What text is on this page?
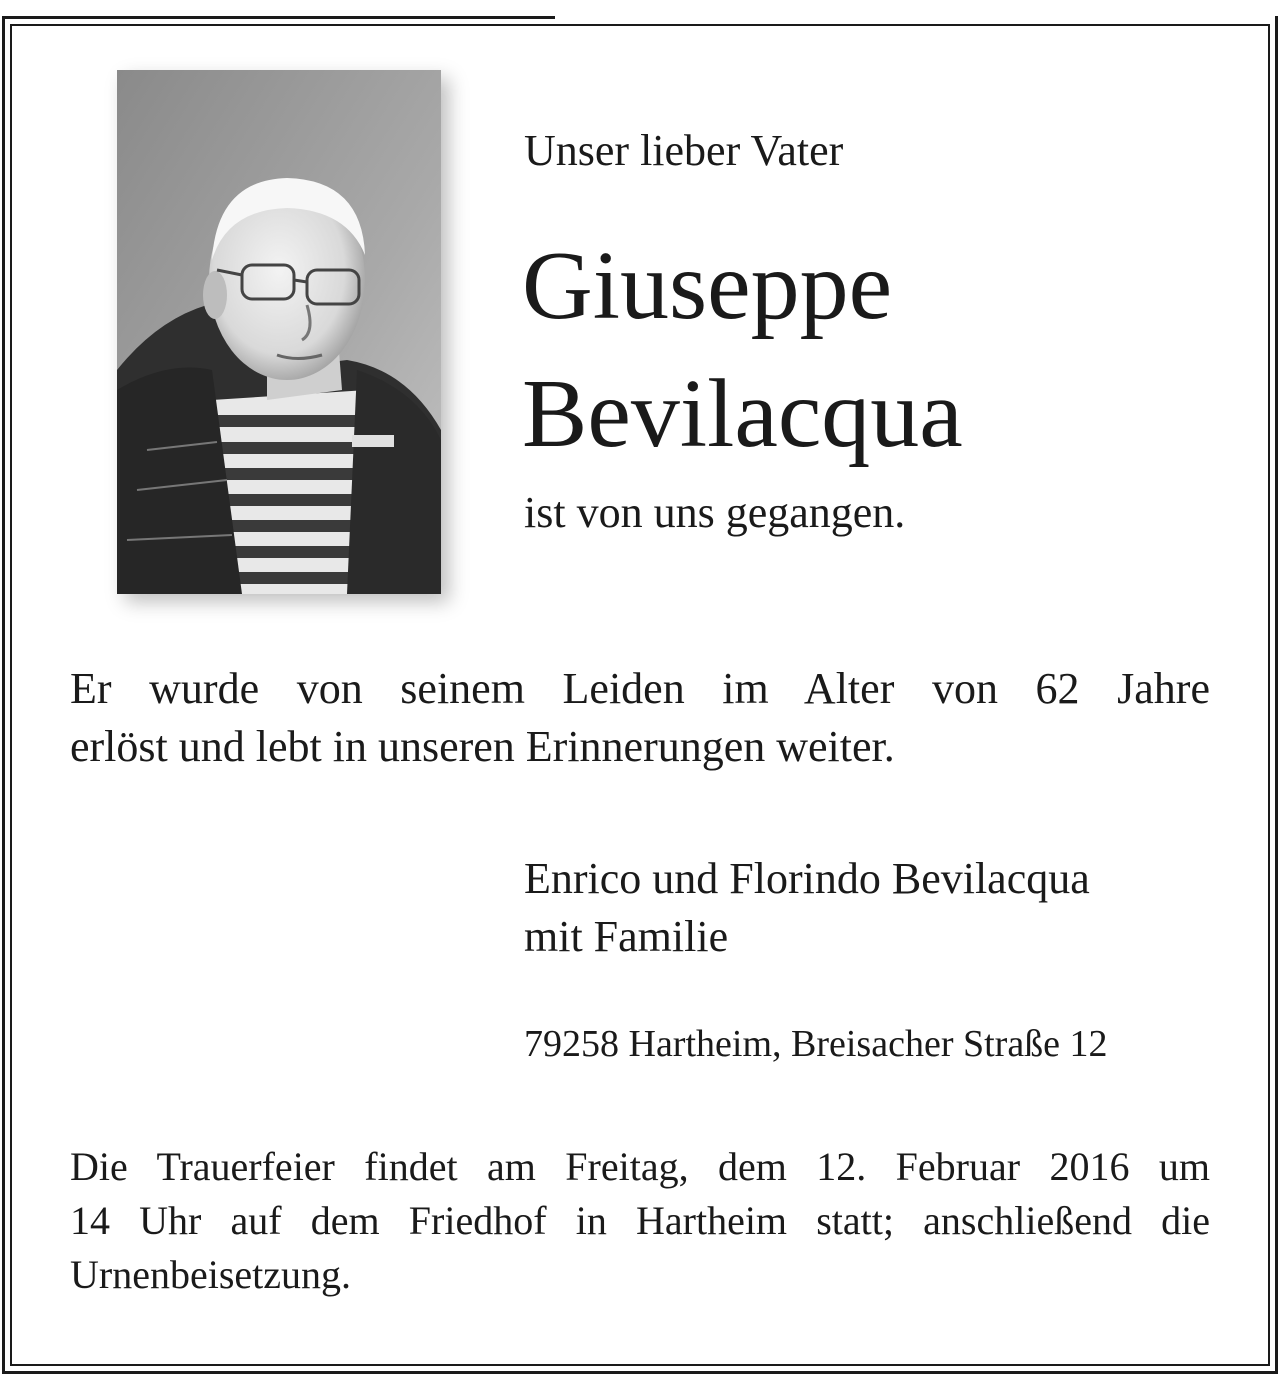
Unser lieber Vater

Giuseppe
Bevilacqua

ist von uns gegangen.

Er wurde von seinem Leiden im Alter von 62 Jahre
erlöst und lebt in unseren Erinnerungen weiter.
Enrico und Florindo Bevilacqua
mit Familie

79258 Hartheim, Breisacher Straße 12

Die Trauerfeier findet am Freitag, dem 12. Februar 2016 um
14 Uhr auf dem Friedhof in Hartheim statt; anschließend die
Urnenbeisetzung.
